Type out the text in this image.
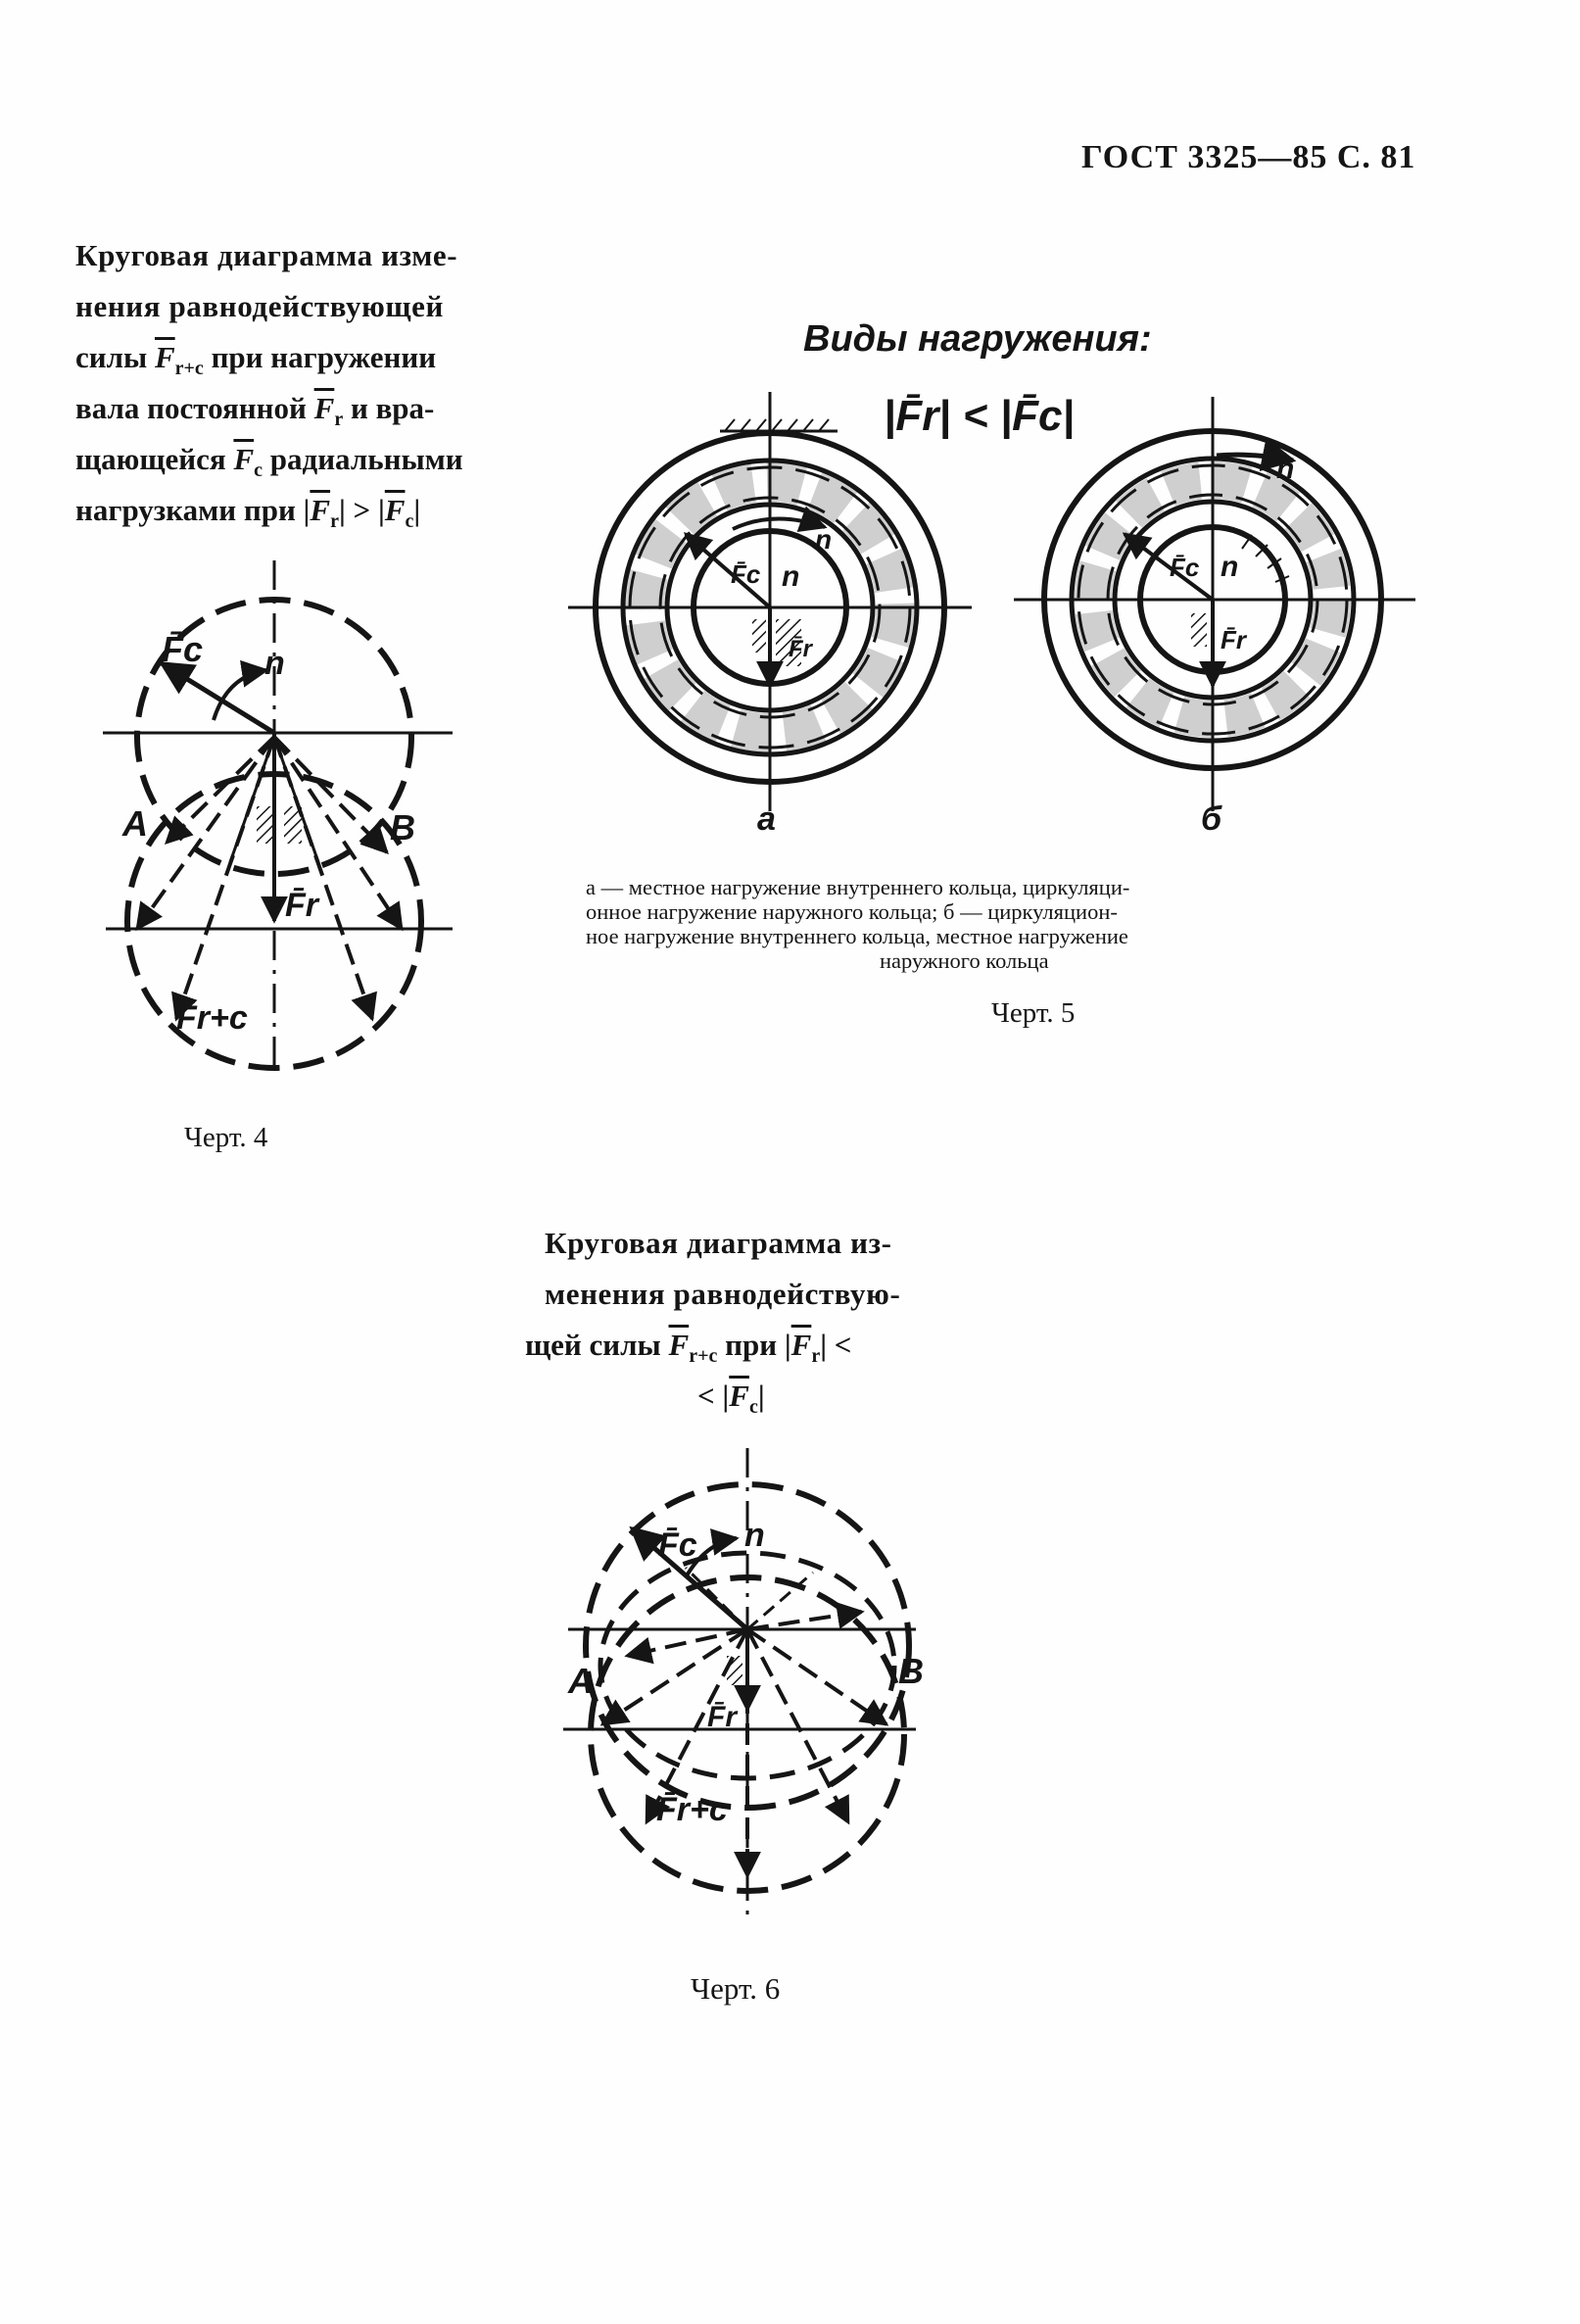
ГОСТ 3325—85 С. 81
Круговая диаграмма изме-
нения равнодействующей
силы $\overline{F}_{r+c}$ при нагружении
вала постоянной $\overline{F}_r$ и вра-
щающейся $\overline{F}_c$ радиальными
нагрузками при $|\overline{F}_r| > |\overline{F}_c|$
Виды нагружения:
|F̄r| < |F̄c|
а — местное нагружение внутреннего кольца, циркуляци-
онное нагружение наружного кольца; б — циркуляцион-
ное нагружение внутреннего кольца, местное нагружение
наружного кольца
Черт. 5
Черт. 4
Круговая диаграмма из-
менения равнодействую-
щей силы $\overline{F}_{r+c}$ при $|\overline{F}_r|$ <
< $|\overline{F}_c|$
Черт. 6
F̄c n
A	B
F̄r
F̄r+c
n
n
F̄c
F̄r
a
n
n
F̄c
F̄r
б
F̄c n
A	B
F̄r
F̄r+c
